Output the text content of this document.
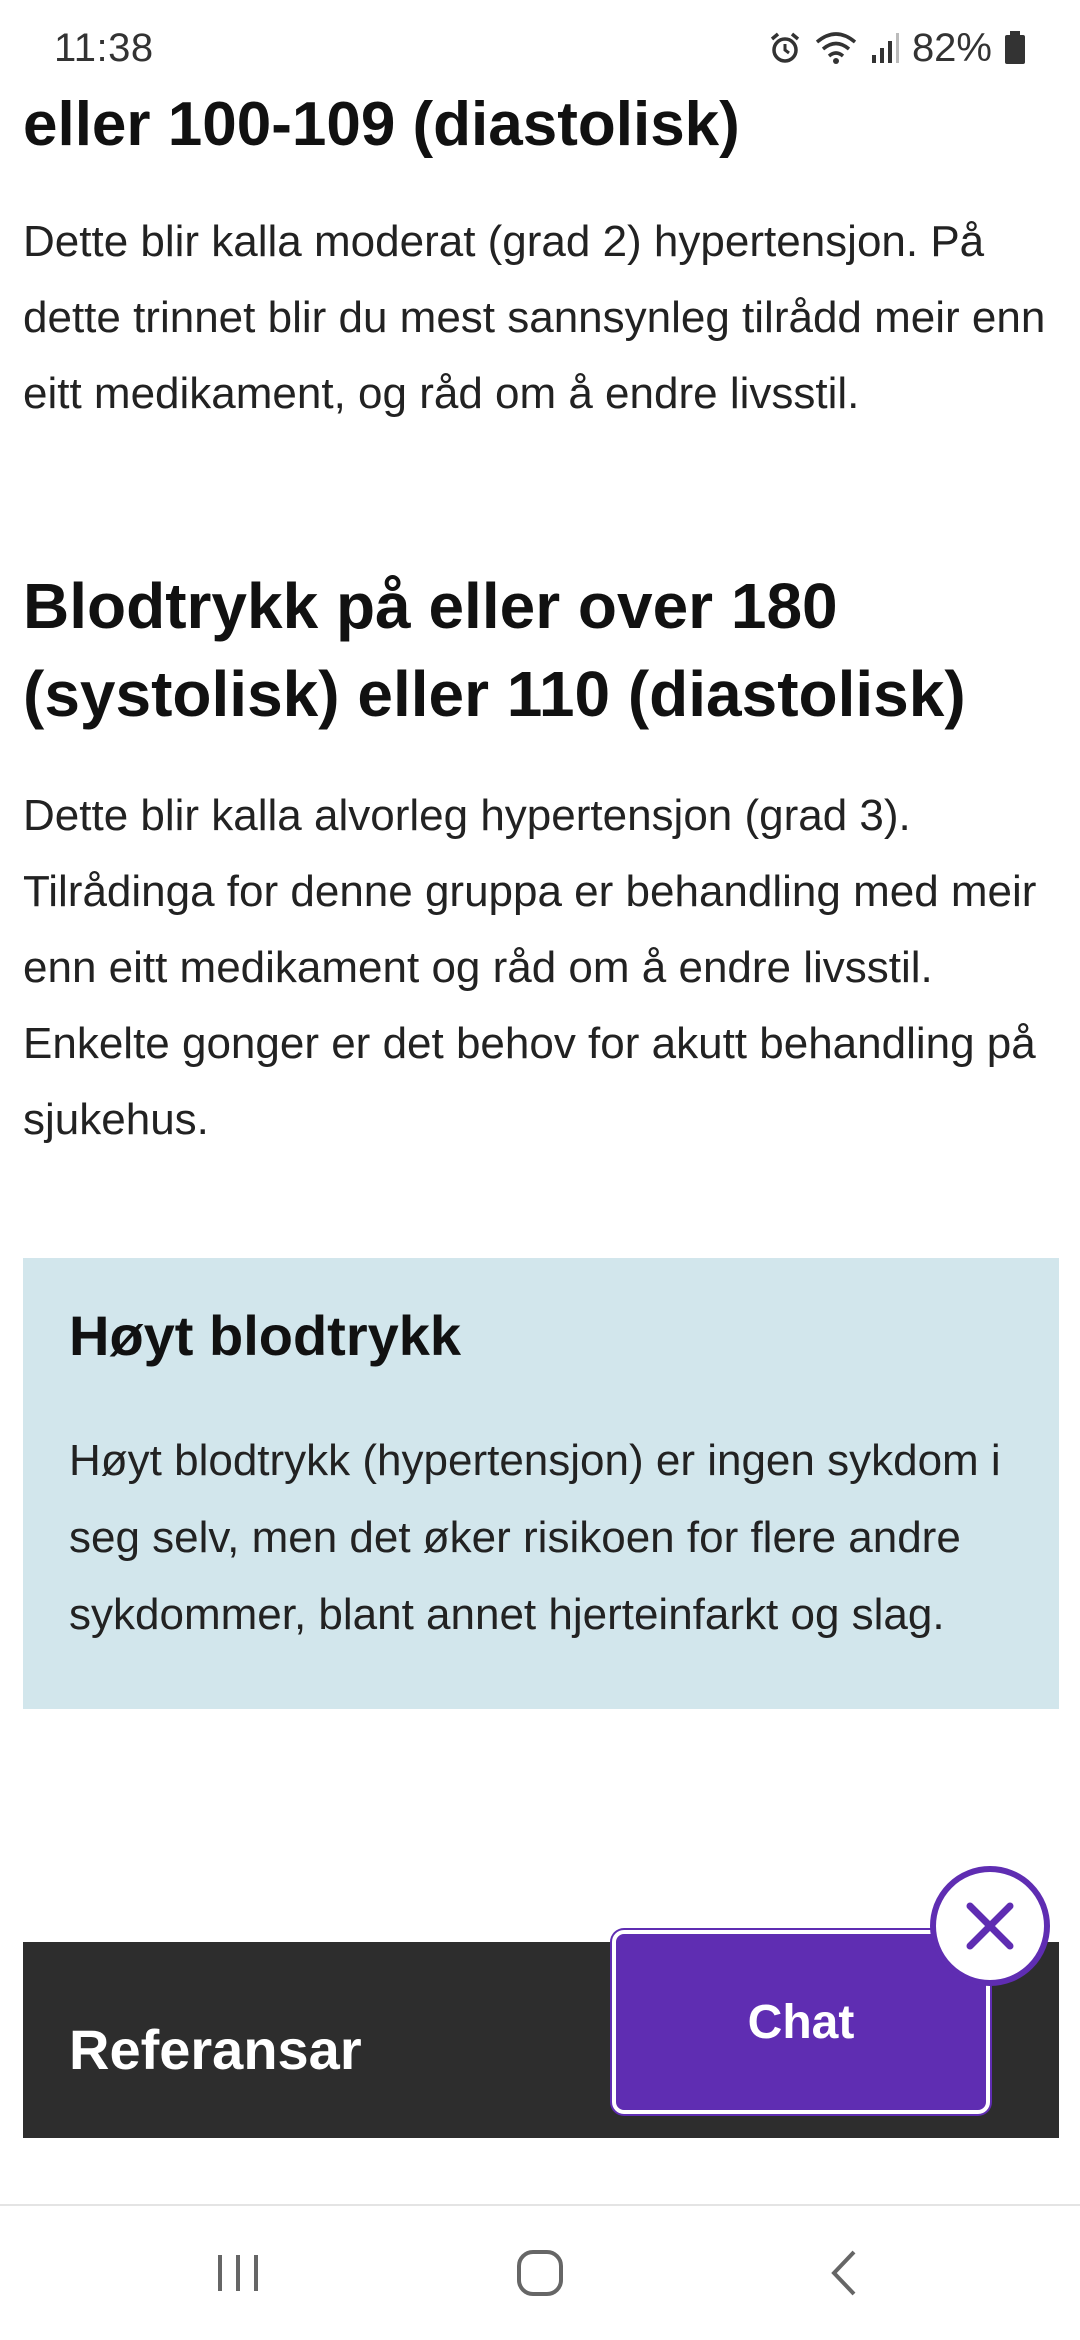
11:38	82%
eller 100-109 (diastolisk)

Dette blir kalla moderat (grad 2) hypertensjon. På dette trinnet blir du mest sannsynleg tilrådd meir enn eitt medikament, og råd om å endre livsstil.

Blodtrykk på eller over 180 (systolisk) eller 110 (diastolisk)

Dette blir kalla alvorleg hypertensjon (grad 3). Tilrådinga for denne gruppa er behandling med meir enn eitt medikament og råd om å endre livsstil. Enkelte gonger er det behov for akutt behandling på sjukehus.

Høyt blodtrykk

Høyt blodtrykk (hypertensjon) er ingen sykdom i seg selv, men det øker risikoen for flere andre sykdommer, blant annet hjerteinfarkt og slag.

Referansar	Chat
